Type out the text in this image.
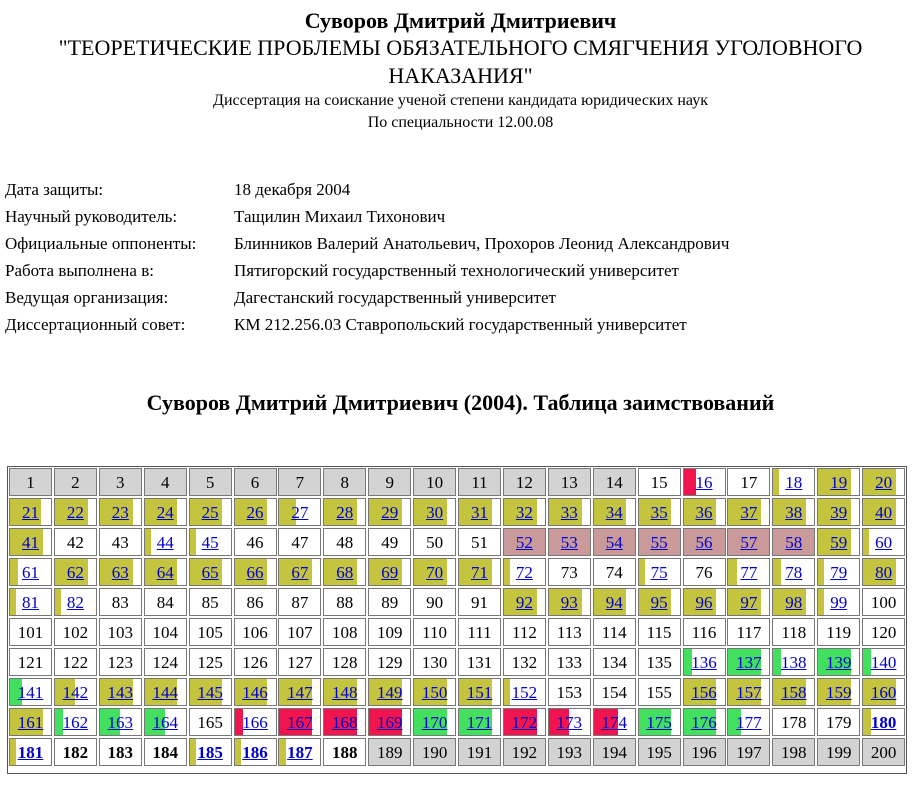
Суворов Дмитрий Дмитриевич
"ТЕОРЕТИЧЕСКИЕ ПРОБЛЕМЫ ОБЯЗАТЕЛЬНОГО СМЯГЧЕНИЯ УГОЛОВНОГО НАКАЗАНИЯ"
Диссертация на соискание ученой степени кандидата юридических наук
По специальности 12.00.08
Дата защиты:	18 декабря 2004
Научный руководитель:	Тащилин Михаил Тихонович
Официальные оппоненты:	Блинников Валерий Анатольевич, Прохоров Леонид Александрович
Работа выполнена в:	Пятигорский государственный технологический университет
Ведущая организация:	Дагестанский государственный университет
Диссертационный совет:	КМ 212.256.03 Ставропольский государственный университет
Суворов Дмитрий Дмитриевич (2004). Таблица заимствований
1	2	3	4	5	6	7	8	9	10	11	12	13	14	15	16	17	18	19	20
21	22	23	24	25	26	27	28	29	30	31	32	33	34	35	36	37	38	39	40
41	42	43	44	45	46	47	48	49	50	51	52	53	54	55	56	57	58	59	60
61	62	63	64	65	66	67	68	69	70	71	72	73	74	75	76	77	78	79	80
81	82	83	84	85	86	87	88	89	90	91	92	93	94	95	96	97	98	99	100
101	102	103	104	105	106	107	108	109	110	111	112	113	114	115	116	117	118	119	120
121	122	123	124	125	126	127	128	129	130	131	132	133	134	135	136	137	138	139	140
141	142	143	144	145	146	147	148	149	150	151	152	153	154	155	156	157	158	159	160
161	162	163	164	165	166	167	168	169	170	171	172	173	174	175	176	177	178	179	180
181	182	183	184	185	186	187	188	189	190	191	192	193	194	195	196	197	198	199	200
